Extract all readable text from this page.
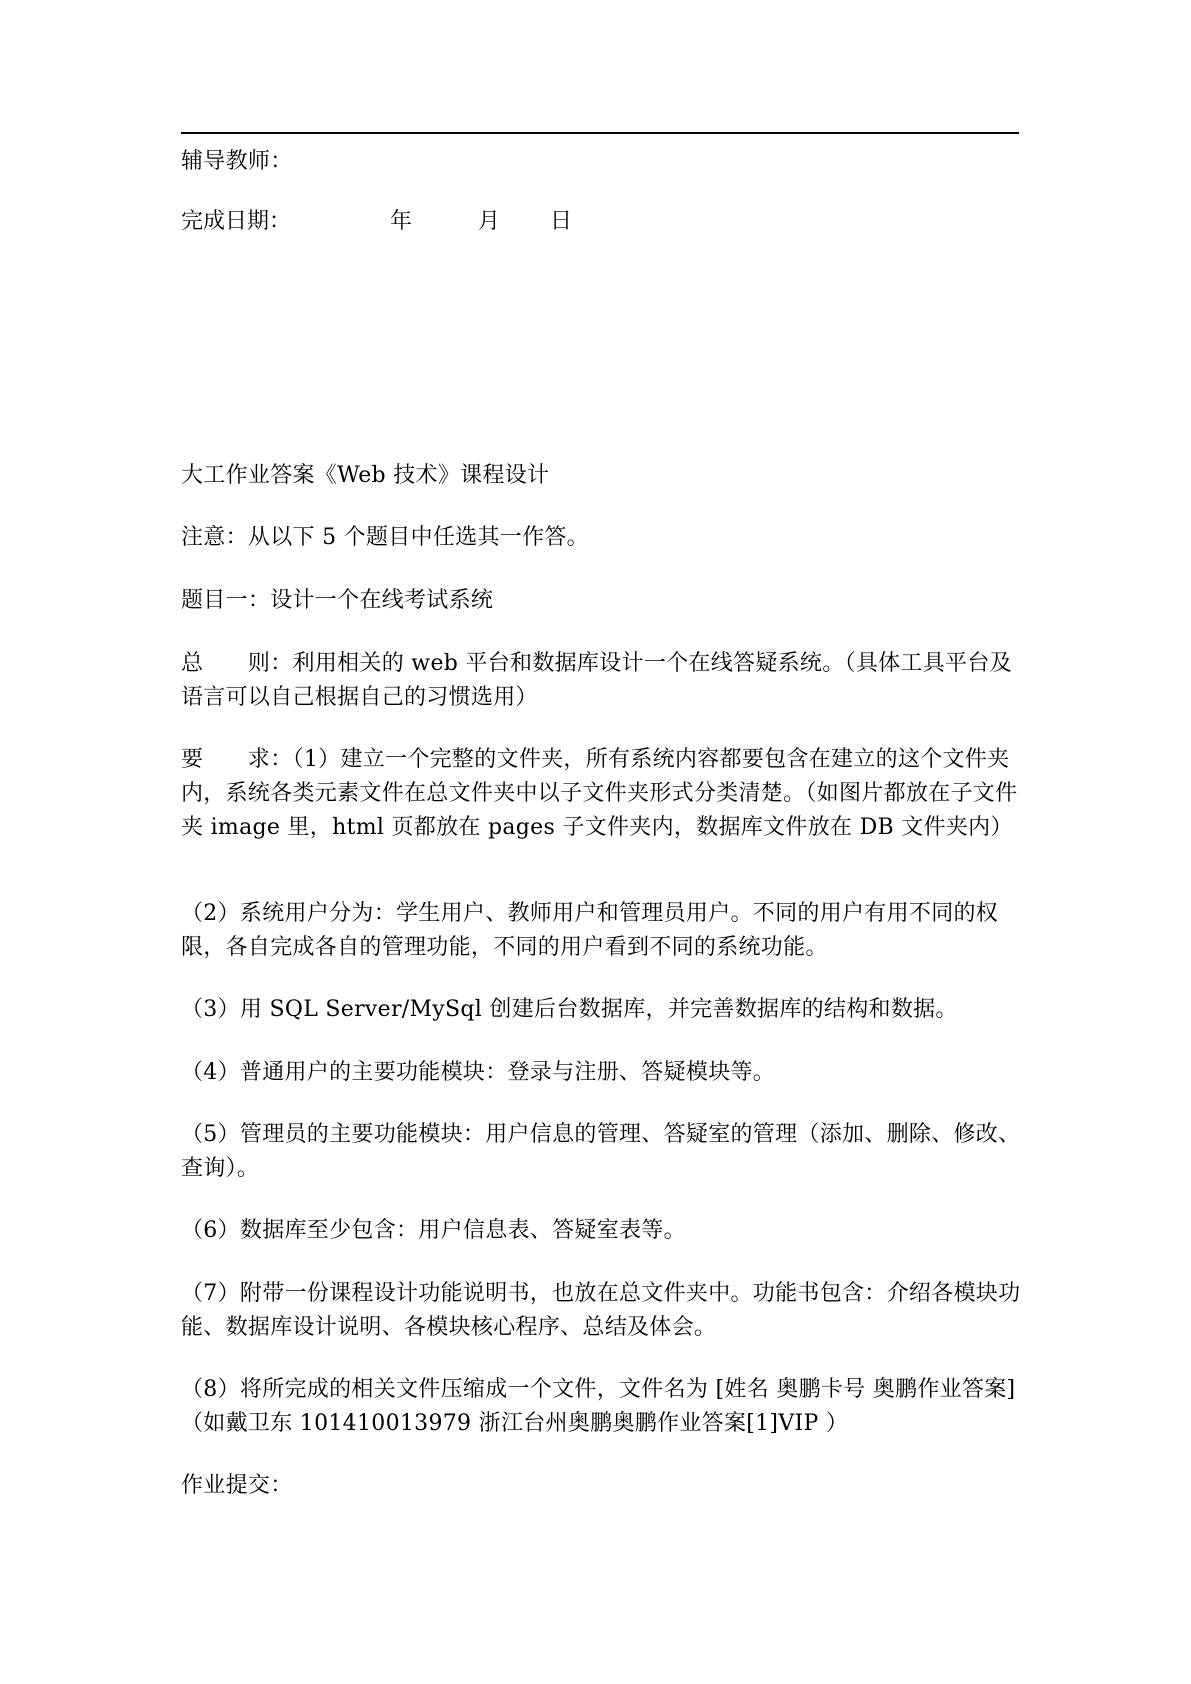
辅导教师：
完成日期：	年	月 日
大工作业答案《Web 技术》课程设计
注意：从以下 5 个题目中任选其一作答。
题目一：设计一个在线考试系统
总　　则：利用相关的 web 平台和数据库设计一个在线答疑系统。（具体工具平台及语言可以自己根据自己的习惯选用）
要　　求：（1）建立一个完整的文件夹，所有系统内容都要包含在建立的这个文件夹内，系统各类元素文件在总文件夹中以子文件夹形式分类清楚。（如图片都放在子文件夹 image 里，html 页都放在 pages 子文件夹内，数据库文件放在 DB 文件夹内）
（2）系统用户分为：学生用户、教师用户和管理员用户。不同的用户有用不同的权限，各自完成各自的管理功能，不同的用户看到不同的系统功能。
（3）用 SQL Server/MySql 创建后台数据库，并完善数据库的结构和数据。
（4）普通用户的主要功能模块：登录与注册、答疑模块等。
（5）管理员的主要功能模块：用户信息的管理、答疑室的管理（添加、删除、修改、查询）。
（6）数据库至少包含：用户信息表、答疑室表等。
（7）附带一份课程设计功能说明书，也放在总文件夹中。功能书包含：介绍各模块功能、数据库设计说明、各模块核心程序、总结及体会。
（8）将所完成的相关文件压缩成一个文件，文件名为 [姓名 奥鹏卡号 奥鹏作业答案]（如戴卫东 101410013979 浙江台州奥鹏奥鹏作业答案[1]VIP ）
作业提交：
